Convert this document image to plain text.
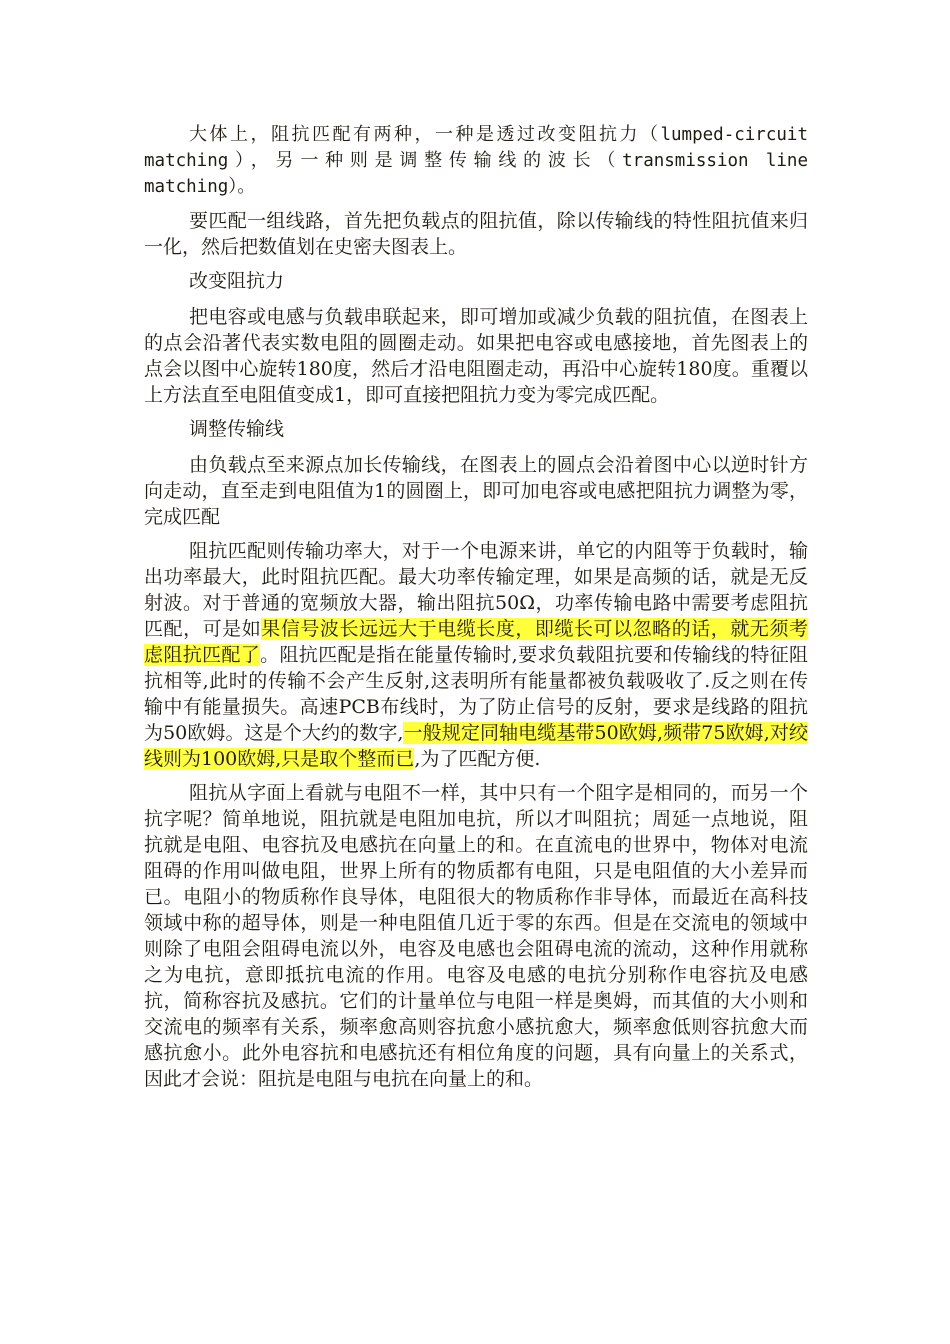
大体上，阻抗匹配有两种，一种是透过改变阻抗力（lumped-circuit matching），另一种则是调整传输线的波长（transmission line matching）。

要匹配一组线路，首先把负载点的阻抗值，除以传输线的特性阻抗值来归一化，然后把数值划在史密夫图表上。

改变阻抗力

把电容或电感与负载串联起来，即可增加或减少负载的阻抗值，在图表上的点会沿著代表实数电阻的圆圈走动。如果把电容或电感接地，首先图表上的点会以图中心旋转180度，然后才沿电阻圈走动，再沿中心旋转180度。重覆以上方法直至电阻值变成1，即可直接把阻抗力变为零完成匹配。

调整传输线

由负载点至来源点加长传输线，在图表上的圆点会沿着图中心以逆时针方向走动，直至走到电阻值为1的圆圈上，即可加电容或电感把阻抗力调整为零，完成匹配

阻抗匹配则传输功率大，对于一个电源来讲，单它的内阻等于负载时，输出功率最大，此时阻抗匹配。最大功率传输定理，如果是高频的话，就是无反射波。对于普通的宽频放大器，输出阻抗50Ω，功率传输电路中需要考虑阻抗匹配，可是如果信号波长远远大于电缆长度，即缆长可以忽略的话，就无须考虑阻抗匹配了。阻抗匹配是指在能量传输时,要求负载阻抗要和传输线的特征阻抗相等,此时的传输不会产生反射,这表明所有能量都被负载吸收了.反之则在传输中有能量损失。高速PCB布线时，为了防止信号的反射，要求是线路的阻抗为50欧姆。这是个大约的数字,一般规定同轴电缆基带50欧姆,频带75欧姆,对绞线则为100欧姆,只是取个整而已,为了匹配方便.

阻抗从字面上看就与电阻不一样，其中只有一个阻字是相同的，而另一个抗字呢？简单地说，阻抗就是电阻加电抗，所以才叫阻抗；周延一点地说，阻抗就是电阻、电容抗及电感抗在向量上的和。在直流电的世界中，物体对电流阻碍的作用叫做电阻，世界上所有的物质都有电阻，只是电阻值的大小差异而已。电阻小的物质称作良导体，电阻很大的物质称作非导体，而最近在高科技领域中称的超导体，则是一种电阻值几近于零的东西。但是在交流电的领域中则除了电阻会阻碍电流以外，电容及电感也会阻碍电流的流动，这种作用就称之为电抗，意即抵抗电流的作用。电容及电感的电抗分别称作电容抗及电感抗，简称容抗及感抗。它们的计量单位与电阻一样是奥姆，而其值的大小则和交流电的频率有关系，频率愈高则容抗愈小感抗愈大，频率愈低则容抗愈大而感抗愈小。此外电容抗和电感抗还有相位角度的问题，具有向量上的关系式，因此才会说：阻抗是电阻与电抗在向量上的和。
